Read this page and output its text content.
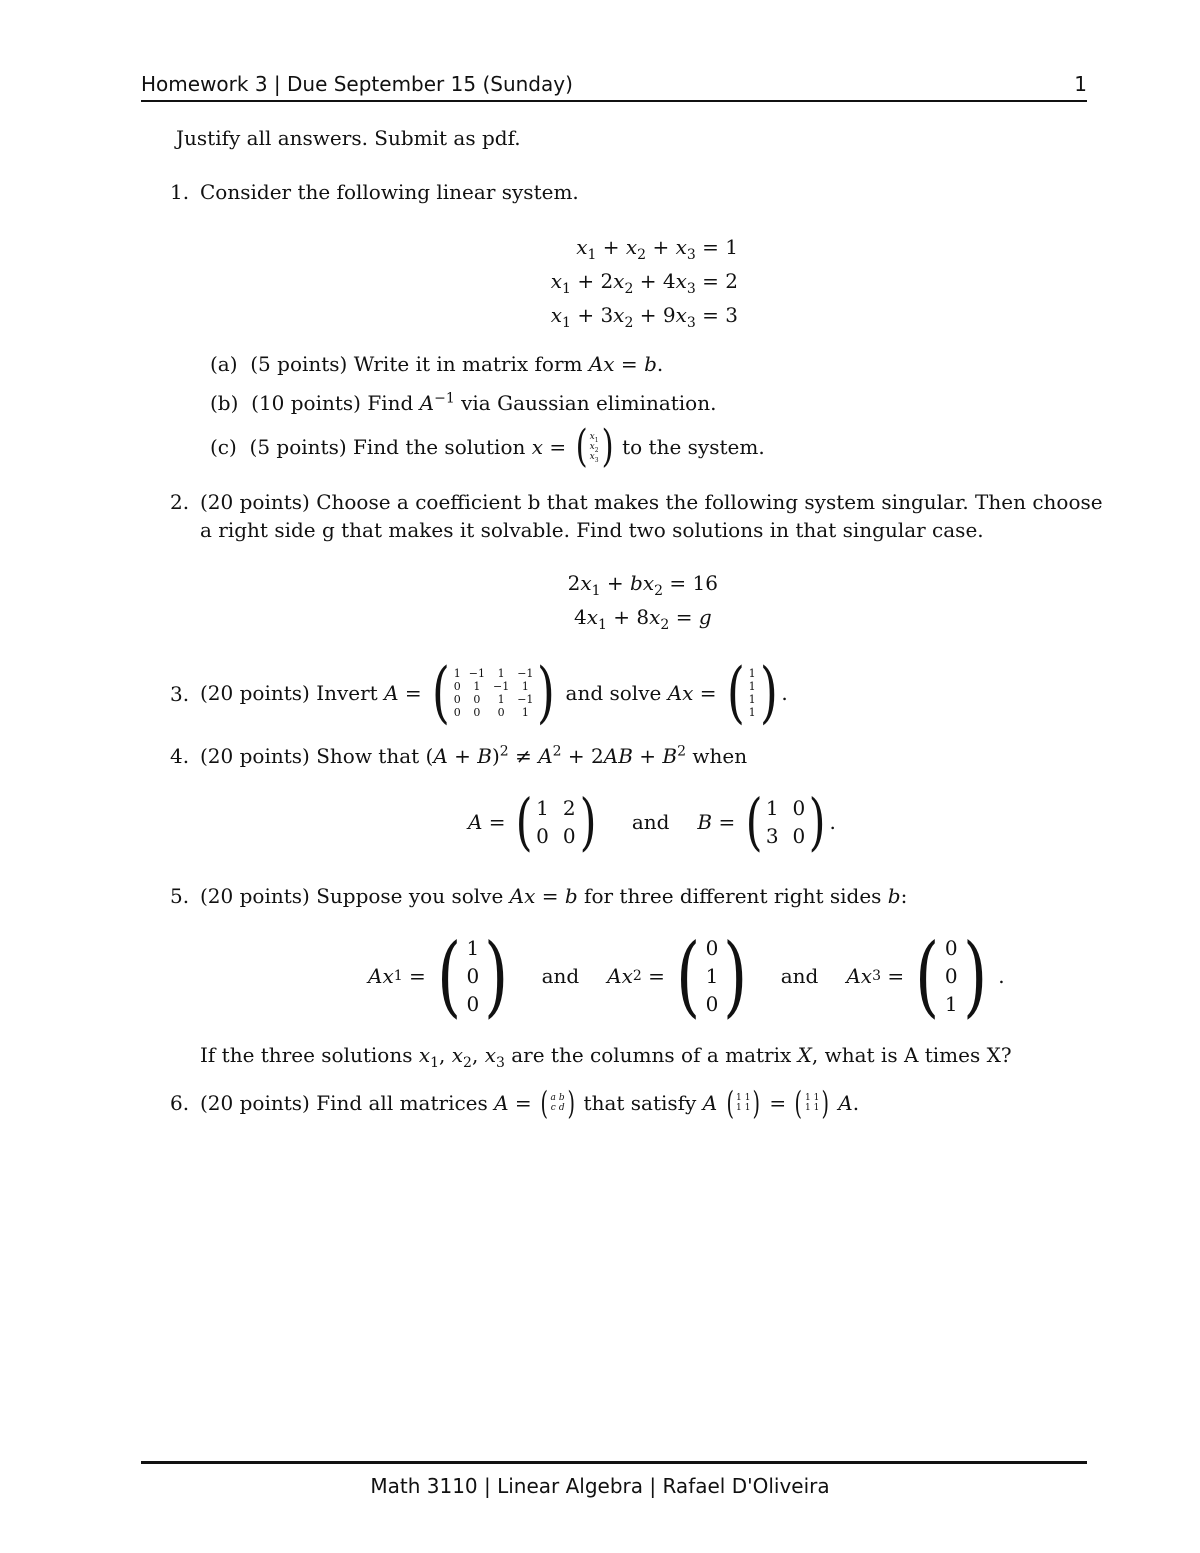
Homework 3 | Due September 15 (Sunday)	1
Justify all answers. Submit as pdf.
1. Consider the following linear system.
$x_1 + x_2 + x_3 = 1$
$x_1 + 2x_2 + 4x_3 = 2$
$x_1 + 3x_2 + 9x_3 = 3$
(a) (5 points) Write it in matrix form Ax = b.
(b) (10 points) Find $A^{-1}$ via Gaussian elimination.
(c)
(5 points) Find the solution
x = ( $x_1$
$x_2$
$x_3$ )
to the system.
2. (20 points) Choose a coefficient b that makes the following system singular. Then choose
a right side g that makes it solvable. Find two solutions in that singular case.
$2x_1 + bx_2 = 16$
$4x_1 + 8x_2 = g$
3. (20 points) Invert
A = ( 1 −1	1	−1
0	1	−1	1
0	0	1	−1
0	0	0	1 )
and solve
Ax = ( 1
1
1
1 ) .
4. (20 points) Show that $(A + B)^2 \ne A^2 + 2AB + B^2$ when
A = ( 1 2
0 0 ) and B = ( 1 0
3 0 ) .
5. (20 points) Suppose you solve Ax = b for three different right sides b:
Ax 1 = ( 1
0
0 ) and Ax 2 = ( 0
1
0 ) and Ax 3 = ( 0
0
1 ) .
If the three solutions $x_1$, $x_2$, $x_3$ are the columns of a matrix X, what is A times X?
6. (20 points) Find all matrices
A = ( a b
c d )
that satisfy
A
( 1 1
1 1 ) = ( 1 1
1 1 )
A .
Math 3110 | Linear Algebra | Rafael D'Oliveira
